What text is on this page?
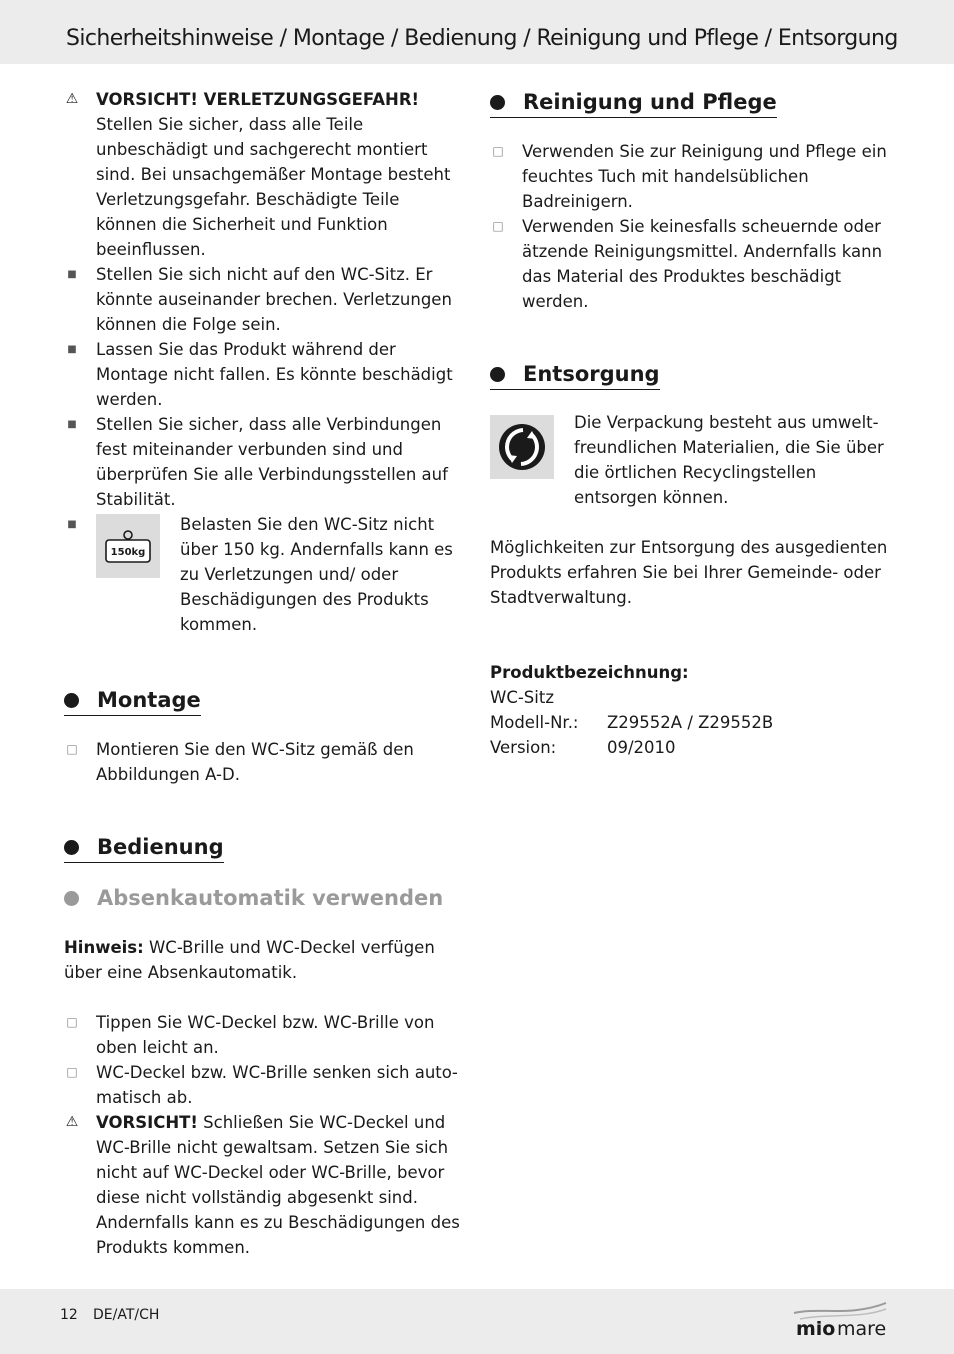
Sicherheitshinweise / Montage / Bedienung / Reinigung und Pflege / Entsorgung
⚠ VORSICHT! VERLETZUNGSGEFAHR!
Stellen Sie sicher, dass alle Teile unbeschädigt und sachgerecht montiert sind. Bei unsachgemäßer Montage besteht Verletzungsgefahr. Beschädigte Teile können die Sicherheit und Funktion beeinflussen.
■ Stellen Sie sich nicht auf den WC-Sitz. Er könnte auseinander brechen. Verletzungen können die Folge sein.
■ Lassen Sie das Produkt während der Montage nicht fallen. Es könnte beschädigt werden.
■ Stellen Sie sicher, dass alle Verbindungen fest miteinander verbunden sind und überprüfen Sie alle Verbindungsstellen auf Stabilität.
■
150kg
Belasten Sie den WC-Sitz nicht über 150 kg. Andernfalls kann es zu Verletzungen und/ oder Beschädigungen des Produkts kommen.
Montage
□ Montieren Sie den WC-Sitz gemäß den Abbildungen A-D.
Bedienung
Absenkautomatik verwenden
Hinweis: WC-Brille und WC-Deckel verfügen über eine Absenkautomatik.
□ Tippen Sie WC-Deckel bzw. WC-Brille von oben leicht an.
□ WC-Deckel bzw. WC-Brille senken sich automatisch ab.
⚠ VORSICHT! Schließen Sie WC-Deckel und WC-Brille nicht gewaltsam. Setzen Sie sich nicht auf WC-Deckel oder WC-Brille, bevor diese nicht vollständig abgesenkt sind. Andernfalls kann es zu Beschädigungen des Produkts kommen.
Reinigung und Pflege
□ Verwenden Sie zur Reinigung und Pflege ein feuchtes Tuch mit handelsüblichen Badreinigern.
□ Verwenden Sie keinesfalls scheuernde oder ätzende Reinigungsmittel. Andernfalls kann das Material des Produktes beschädigt werden.
Entsorgung
Die Verpackung besteht aus umweltfreundlichen Materialien, die Sie über die örtlichen Recyclingstellen entsorgen können.
Möglichkeiten zur Entsorgung des ausgedienten Produkts erfahren Sie bei Ihrer Gemeinde- oder Stadtverwaltung.
Produktbezeichnung:
WC-Sitz
Modell-Nr.:	Z29552A / Z29552B
Version:	09/2010
12 DE/AT/CH
mio mare
